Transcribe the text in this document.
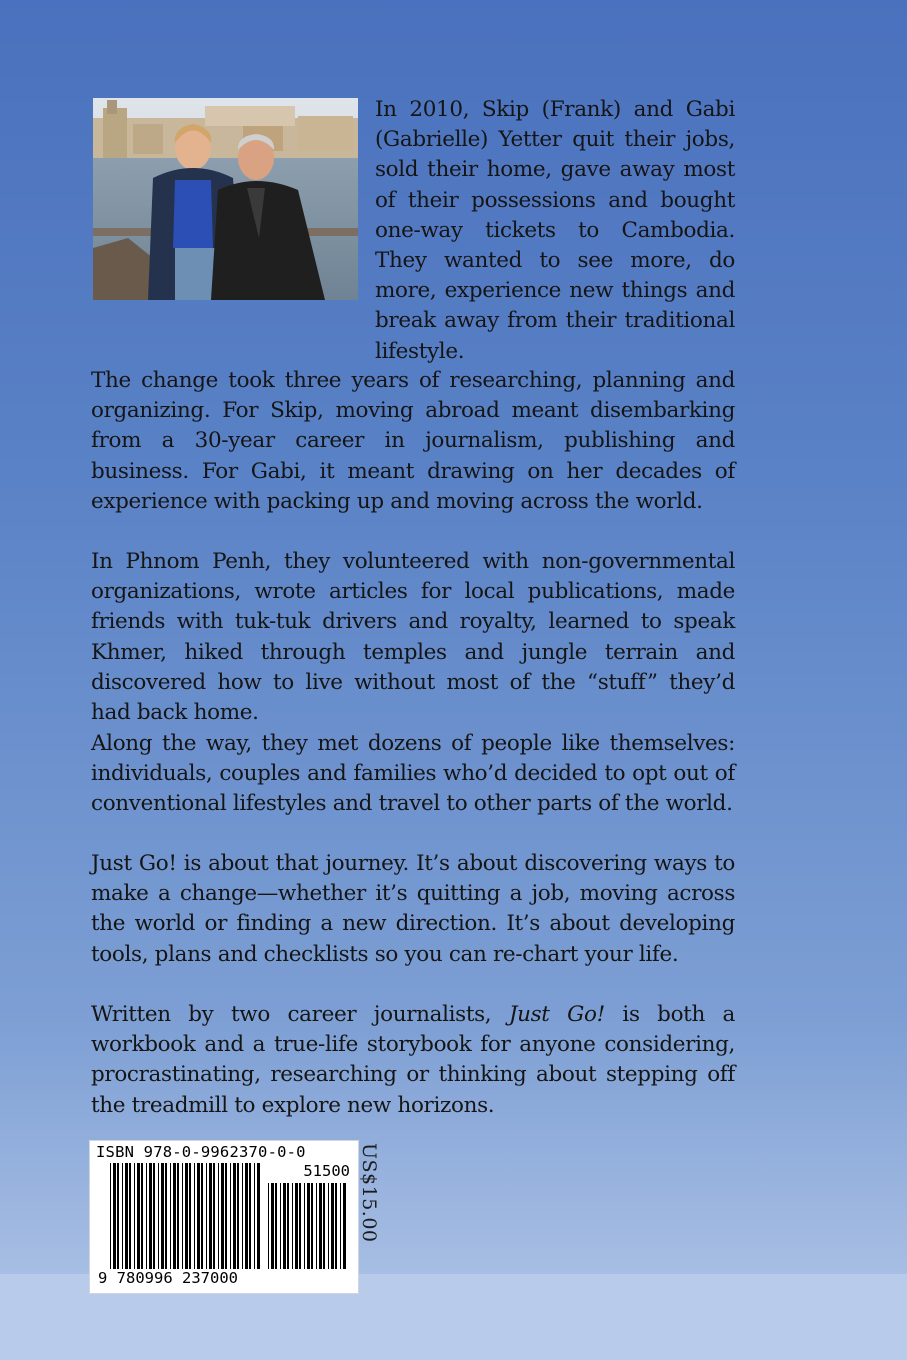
In 2010, Skip (Frank) and Gabi (Gabrielle) Yetter quit their jobs, sold their home, gave away most of their possessions and bought one-way tickets to Cambodia. They wanted to see more, do more, experience new things and break away from their traditional lifestyle.

The change took three years of researching, planning and organizing. For Skip, moving abroad meant disembarking from a 30-year career in journalism, publishing and business. For Gabi, it meant drawing on her decades of experience with packing up and moving across the world.

In Phnom Penh, they volunteered with non-governmental organizations, wrote articles for local publications, made friends with tuk-tuk drivers and royalty, learned to speak Khmer, hiked through temples and jungle terrain and discovered how to live without most of the “stuff” they’d had back home.

Along the way, they met dozens of people like themselves: individuals, couples and families who’d decided to opt out of conventional lifestyles and travel to other parts of the world.

Just Go! is about that journey. It’s about discovering ways to make a change—whether it’s quitting a job, moving across the world or finding a new direction. It’s about developing tools, plans and checklists so you can re-chart your life.

Written by two career journalists, Just Go! is both a workbook and a true-life storybook for anyone considering, procrastinating, researching or thinking about stepping off the treadmill to explore new horizons.

ISBN 978-0-9962370-0-0
51500
9 780996 237000
US$15.00
